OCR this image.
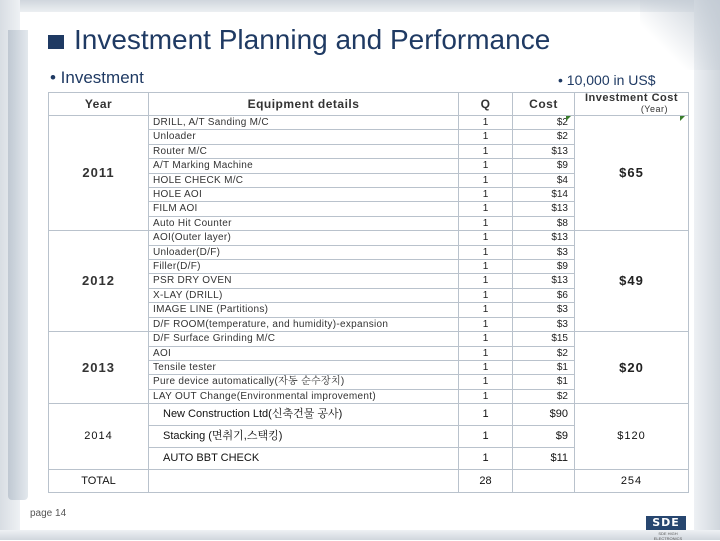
Investment Planning and Performance
• Investment	• 10,000 in US$
Year	Equipment details	Q	Cost	Investment Cost
(Year)

2011	DRILL, A/T Sanding M/C	1	$2	$65
	Unloader	1	$2	
	Router M/C	1	$13	
	A/T Marking Machine	1	$9	
	HOLE CHECK M/C	1	$4	
	HOLE AOI	1	$14	
	FILM AOI	1	$13	
	Auto Hit Counter	1	$8	
2012	AOI(Outer layer)	1	$13	$49
	Unloader(D/F)	1	$3	
	Filler(D/F)	1	$9	
	PSR DRY OVEN	1	$13	
	X-LAY (DRILL)	1	$6	
	IMAGE LINE (Partitions)	1	$3	
	D/F ROOM(temperature, and humidity)-expansion	1	$3	
2013	D/F Surface Grinding M/C	1	$15	$20
	AOI	1	$2	
	Tensile tester	1	$1	
	Pure device automatically(자동 순수장치)	1	$1	
	LAY OUT Change(Environmental improvement)	1	$2	
2014	New Construction Ltd(신축건물 공사)	1	$90	$120
	Stacking (면취기,스택킹)	1	$9	
	AUTO BBT CHECK	1	$11	
TOTAL		28		254
page 14
SDE
SDE HIGH ELECTRONICS
